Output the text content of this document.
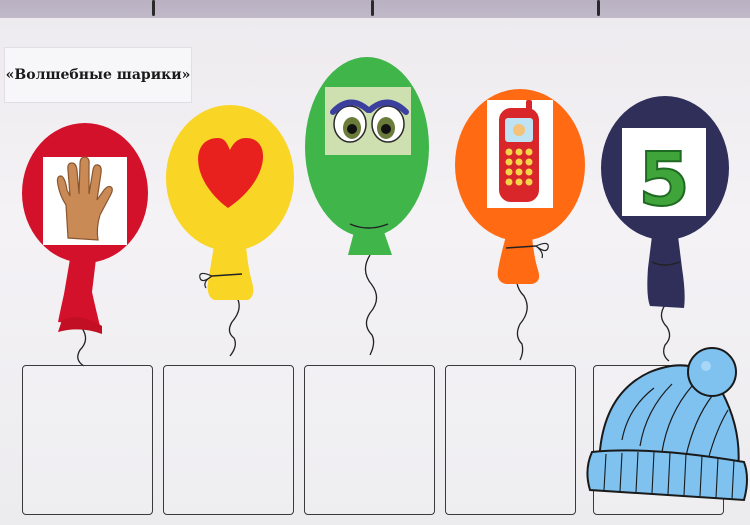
«Волшебные шарики»
5
